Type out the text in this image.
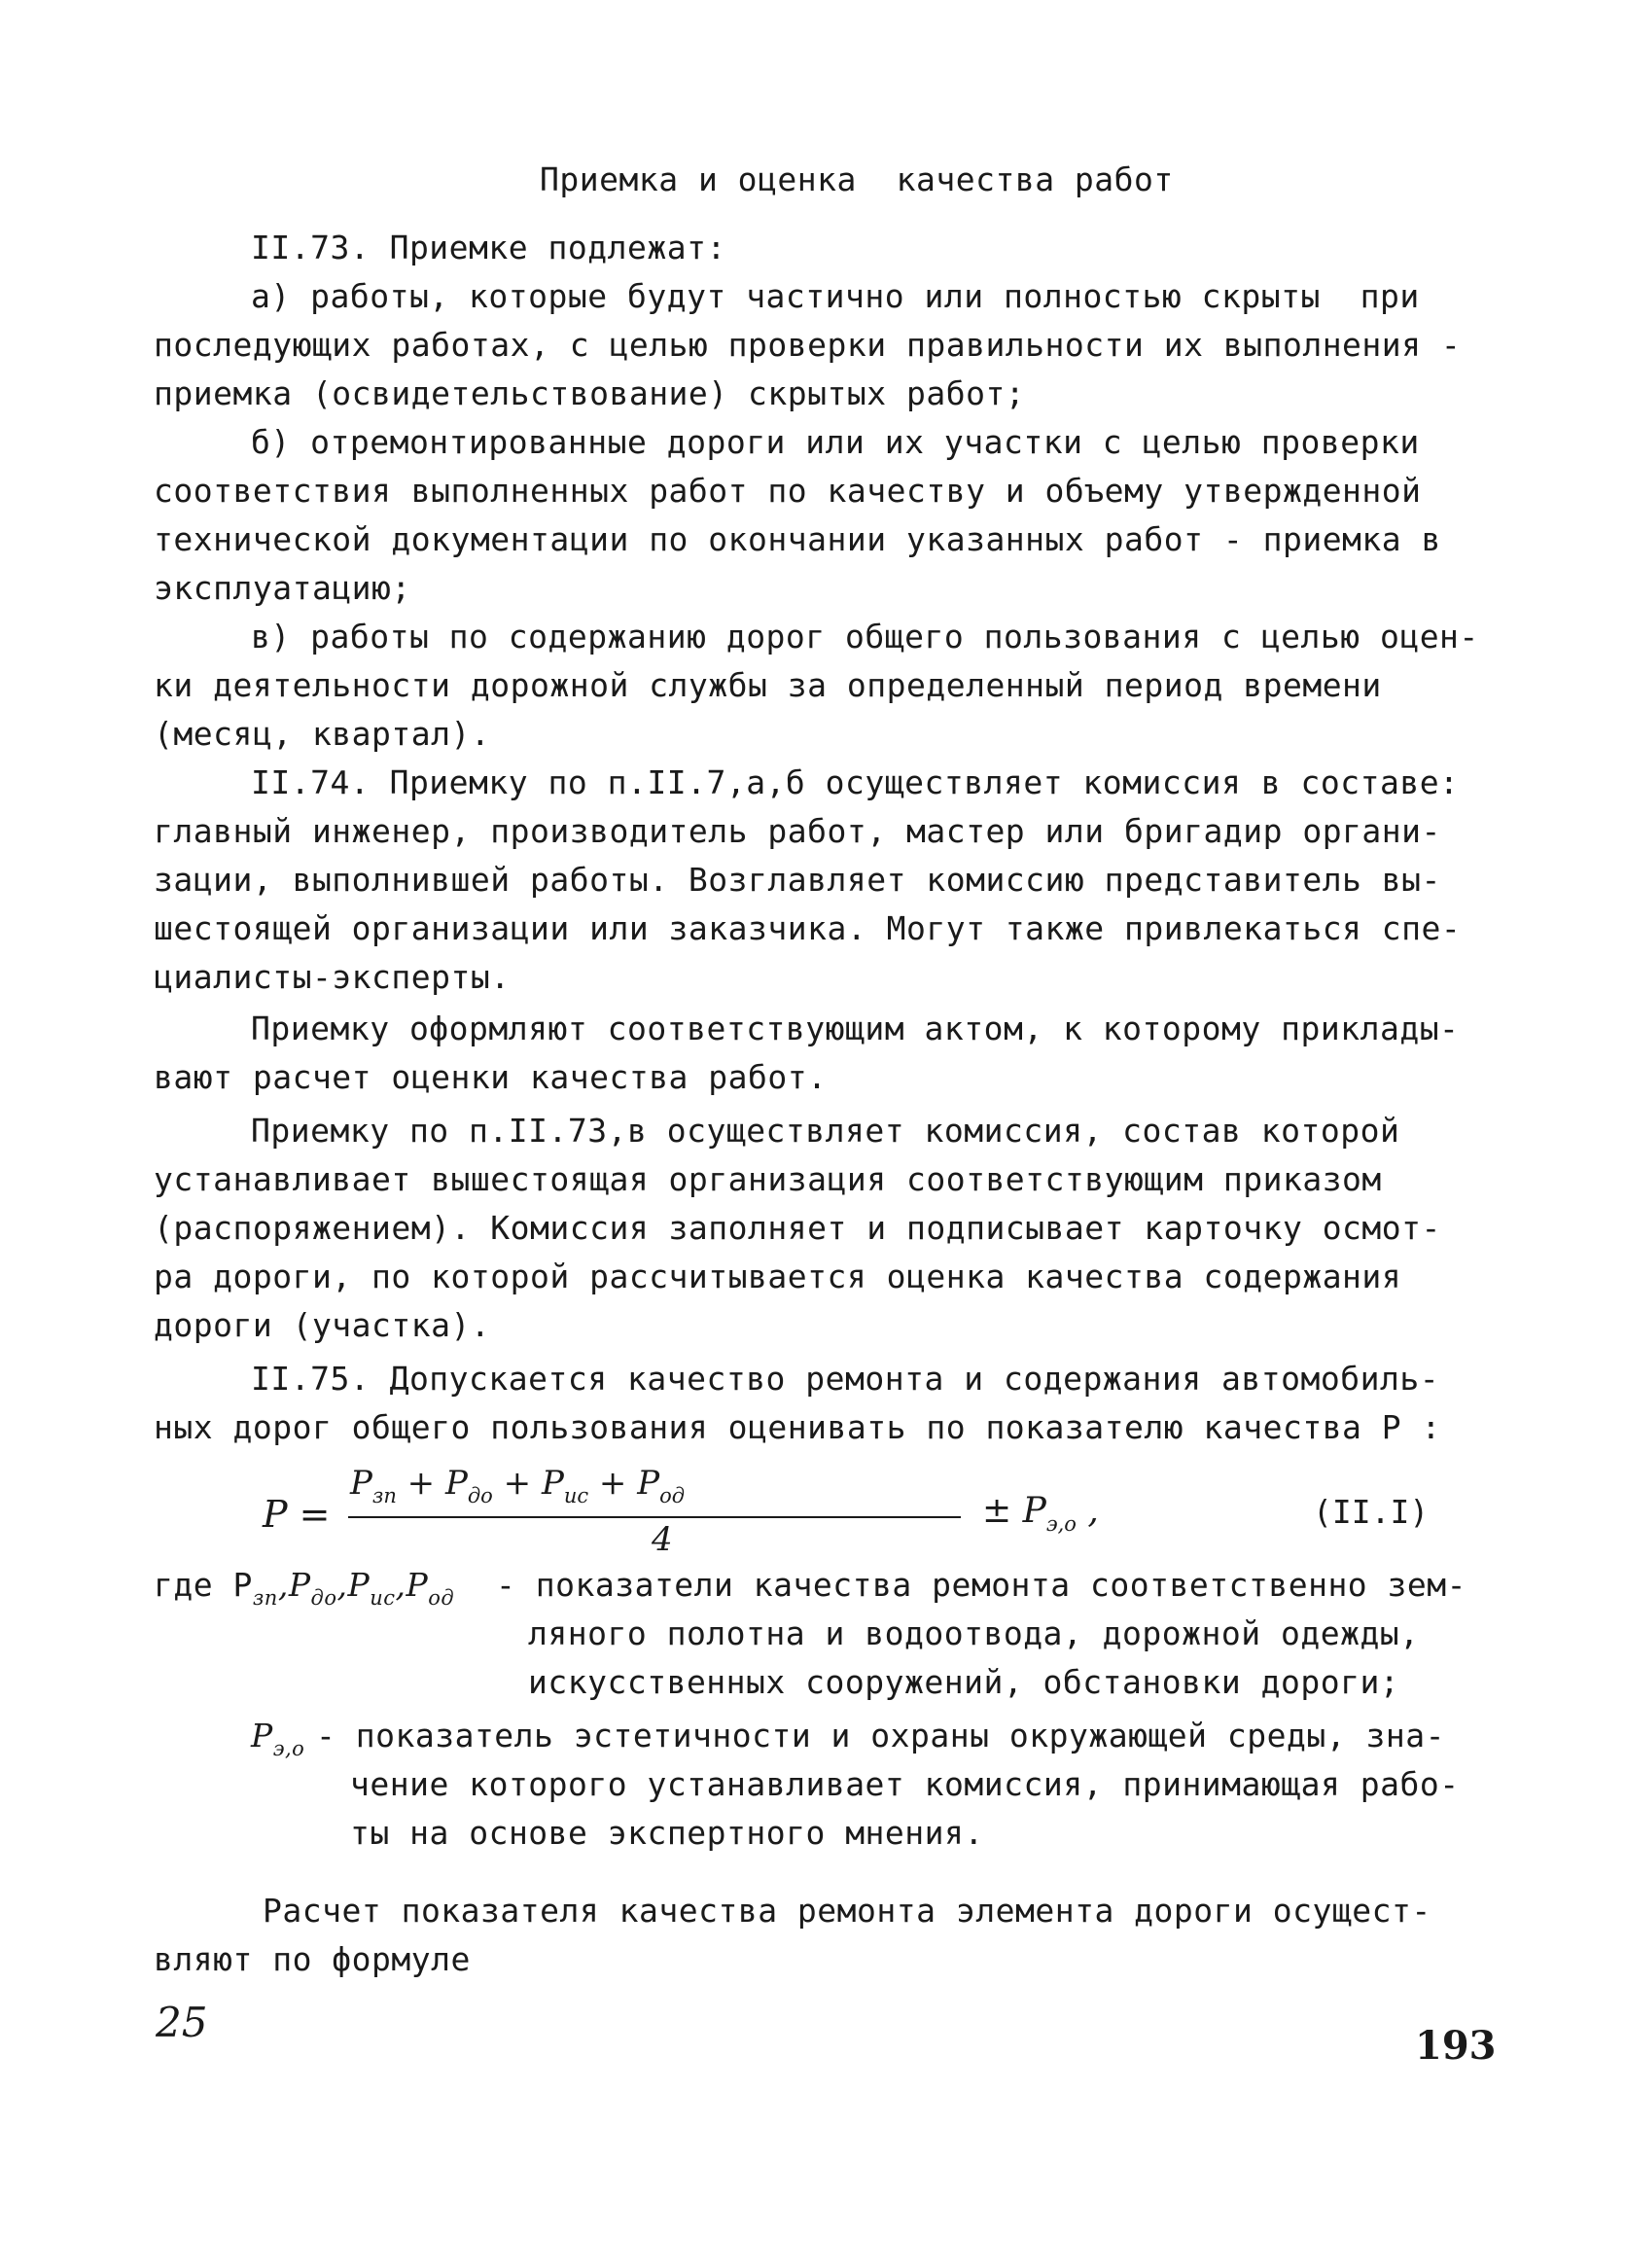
Приемка и оценка  качества работ
II.73. Приемке подлежат:
а) работы, которые будут частично или полностью скрыты  при
последующих работах, с целью проверки правильности их выполнения -
приемка (освидетельствование) скрытых работ;
б) отремонтированные дороги или их участки с целью проверки
соответствия выполненных работ по качеству и объему утвержденной
технической документации по окончании указанных работ - приемка в
эксплуатацию;
в) работы по содержанию дорог общего пользования с целью оцен-
ки деятельности дорожной службы за определенный период времени
(месяц, квартал).
II.74. Приемку по п.II.7,а,б осуществляет комиссия в составе:
главный инженер, производитель работ, мастер или бригадир органи-
зации, выполнившей работы. Возглавляет комиссию представитель вы-
шестоящей организации или заказчика. Могут также привлекаться спе-
циалисты-эксперты.
Приемку оформляют соответствующим актом, к которому приклады-
вают расчет оценки качества работ.
Приемку по п.II.73,в осуществляет комиссия, состав которой
устанавливает вышестоящая организация соответствующим приказом
(распоряжением). Комиссия заполняет и подписывает карточку осмот-
ра дороги, по которой рассчитывается оценка качества содержания
дороги (участка).
II.75. Допускается качество ремонта и содержания автомобиль-
ных дорог общего пользования оценивать по показателю качества P :
P =
$P_{зп} + P_{до} + P_{ис} + P_{од}$
4
± $P_{э,о}$ ,	(II.I)
где $P_{зп},P_{до},P_{ис},P_{од}$ - показатели качества ремонта соответственно зем-
ляного полотна и водоотвода, дорожной одежды,
искусственных сооружений, обстановки дороги;
$P_{э,о}$ - показатель эстетичности и охраны окружающей среды, зна-
чение которого устанавливает комиссия, принимающая рабо-
ты на основе экспертного мнения.
Расчет показателя качества ремонта элемента дороги осущест-
вляют по формуле
25	193
